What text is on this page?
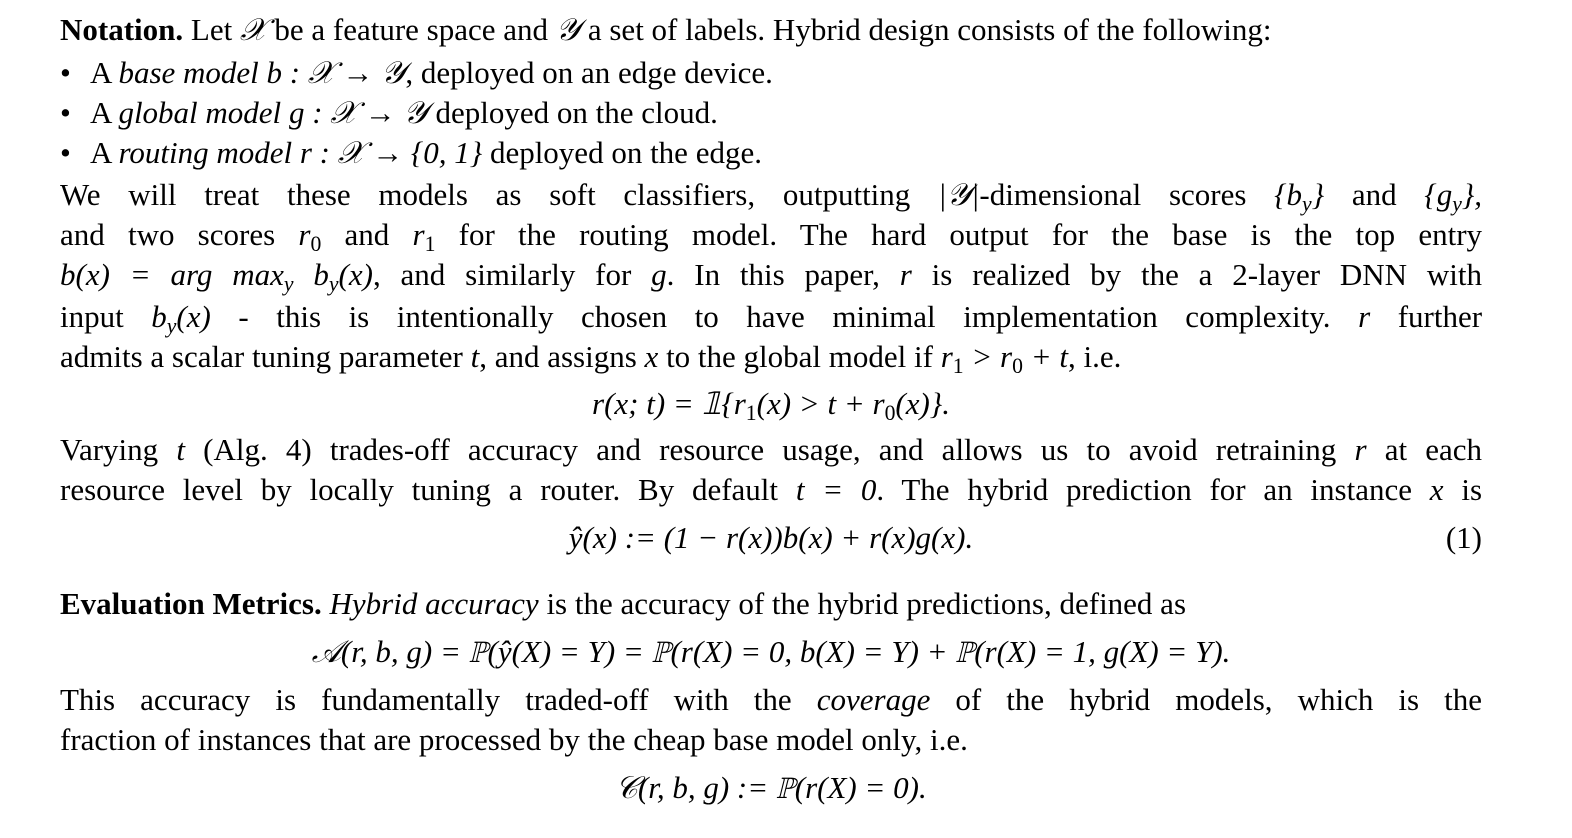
Notation. Let 𝒳 be a feature space and 𝒴 a set of labels. Hybrid design consists of the following:
• A base model b : 𝒳 → 𝒴, deployed on an edge device.
• A global model g : 𝒳 → 𝒴 deployed on the cloud.
• A routing model r : 𝒳 → {0, 1} deployed on the edge.
We will treat these models as soft classifiers, outputting |𝒴|-dimensional scores {by} and {gy},
and two scores $r_0$ and $r_1$ for the routing model. The hard output for the base is the top entry
b(x) = arg maxy by(x), and similarly for g. In this paper, r is realized by the a 2-layer DNN with
input by(x) - this is intentionally chosen to have minimal implementation complexity. r further
admits a scalar tuning parameter t, and assigns x to the global model if $r_1 > r_0 + t$, i.e.
r(x; $t) = 𝟙\{r_1(x) > t + r_0(x)\}$.
Varying t (Alg. 4) trades-off accuracy and resource usage, and allows us to avoid retraining r at each
resource level by locally tuning a router. By default t = 0. The hybrid prediction for an instance x is
ŷ(x) := (1 − r(x))b(x) + r(x)g(x).	(1)
Evaluation Metrics. Hybrid accuracy is the accuracy of the hybrid predictions, defined as
𝒜(r, b, g) = ℙ(ŷ(X) = Y) = ℙ(r(X) = 0, b(X) = Y) + ℙ(r(X) = 1, g(X) = Y).
This accuracy is fundamentally traded-off with the coverage of the hybrid models, which is the
fraction of instances that are processed by the cheap base model only, i.e.
𝒞(r, b, g) := ℙ(r(X) = 0).
